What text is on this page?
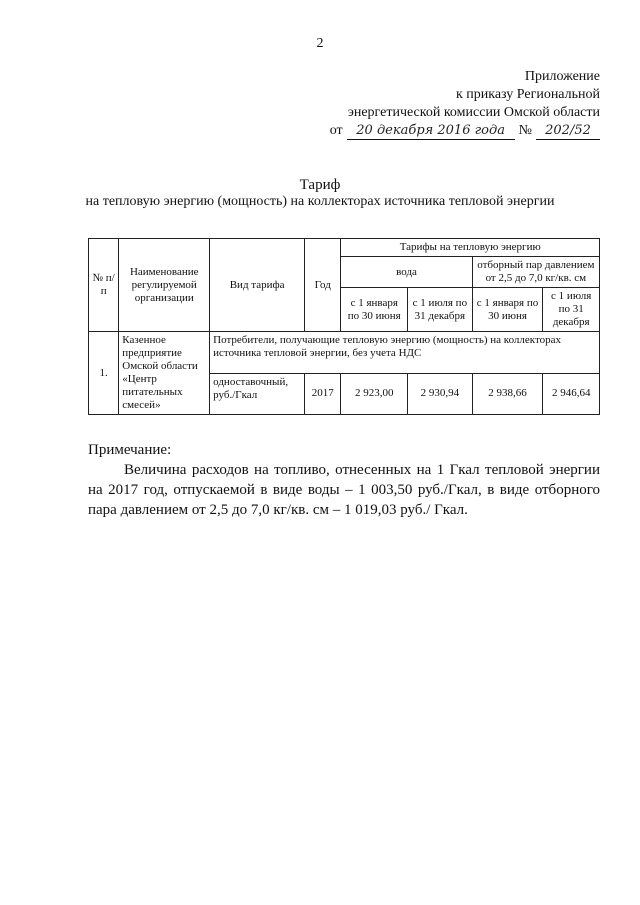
2
Приложение
к приказу Региональной
энергетической комиссии Омской области
от	20 декабря 2016 года №	202/52
Тариф
на тепловую энергию (мощность) на коллекторах источника тепловой энергии
№ п/п	Наименование регулируемой организации	Вид тарифа	Год	Тарифы на тепловую энергию			
				вода		отборный пар давлением от 2,5 до 7,0 кг/кв. см	
				с 1 января по 30 июня	с 1 июля по 31 декабря	с 1 января по 30 июня	с 1 июля по 31 декабря
1.	Казенное предприятие Омской области «Центр питательных смесей»	Потребители, получающие тепловую энергию (мощность) на коллекторах источника тепловой энергии, без учета НДС					
		одноставочный, руб./Гкал	2017	2 923,00	2 930,94	2 938,66	2 946,64
Примечание:

Величина расходов на топливо, отнесенных на 1 Гкал тепловой энергии на 2017 год, отпускаемой в виде воды – 1 003,50 руб./Гкал, в виде отборного пара давлением от 2,5 до 7,0 кг/кв. см – 1 019,03 руб./ Гкал.
